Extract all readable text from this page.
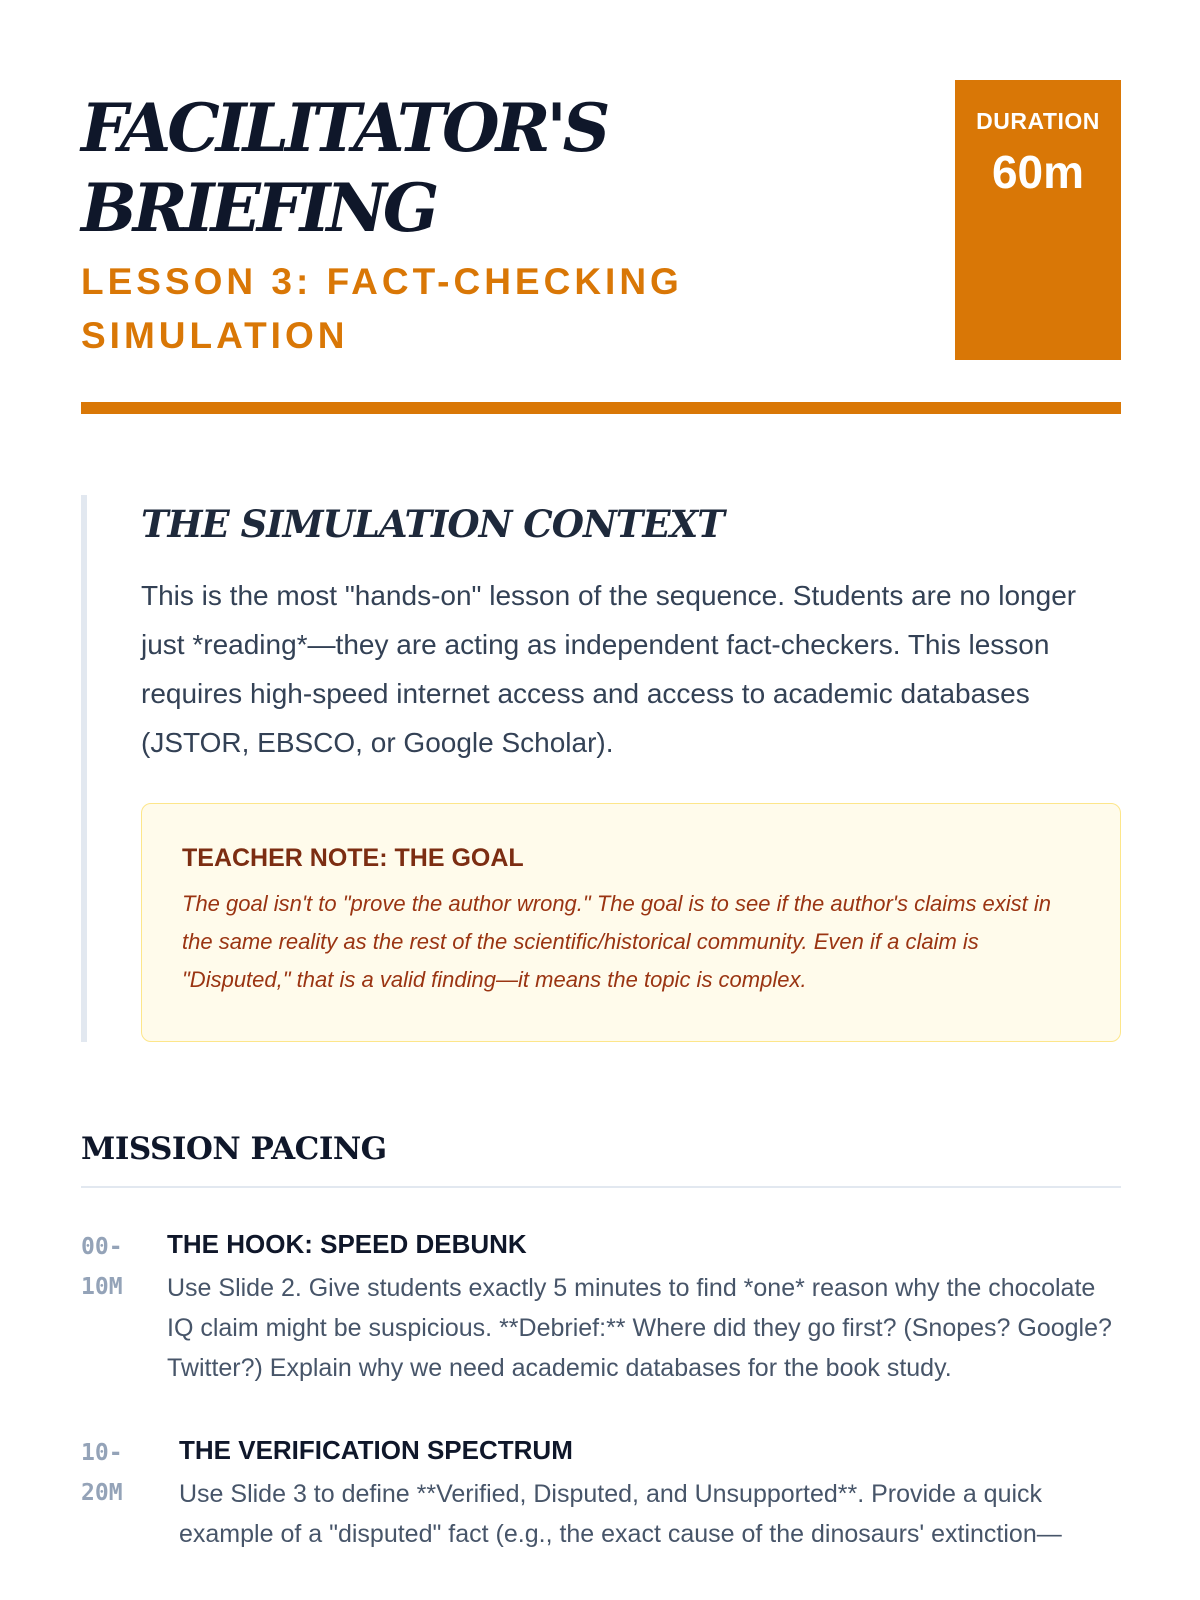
FACILITATOR'S BRIEFING
LESSON 3: FACT-CHECKING SIMULATION
DURATION
60m
THE SIMULATION CONTEXT

This is the most "hands-on" lesson of the sequence. Students are no longer just *reading*—they are acting as independent fact-checkers. This lesson requires high-speed internet access and access to academic databases (JSTOR, EBSCO, or Google Scholar).

TEACHER NOTE: THE GOAL

The goal isn't to "prove the author wrong." The goal is to see if the author's claims exist in the same reality as the rest of the scientific/historical community. Even if a claim is "Disputed," that is a valid finding—it means the topic is complex.

MISSION PACING
00-
10M
THE HOOK: SPEED DEBUNK

Use Slide 2. Give students exactly 5 minutes to find *one* reason why the chocolate IQ claim might be suspicious. **Debrief:** Where did they go first? (Snopes? Google? Twitter?) Explain why we need academic databases for the book study.

10-
20M
THE VERIFICATION SPECTRUM

Use Slide 3 to define **Verified, Disputed, and Unsupported**. Provide a quick example of a "disputed" fact (e.g., the exact cause of the dinosaurs' extinction—
